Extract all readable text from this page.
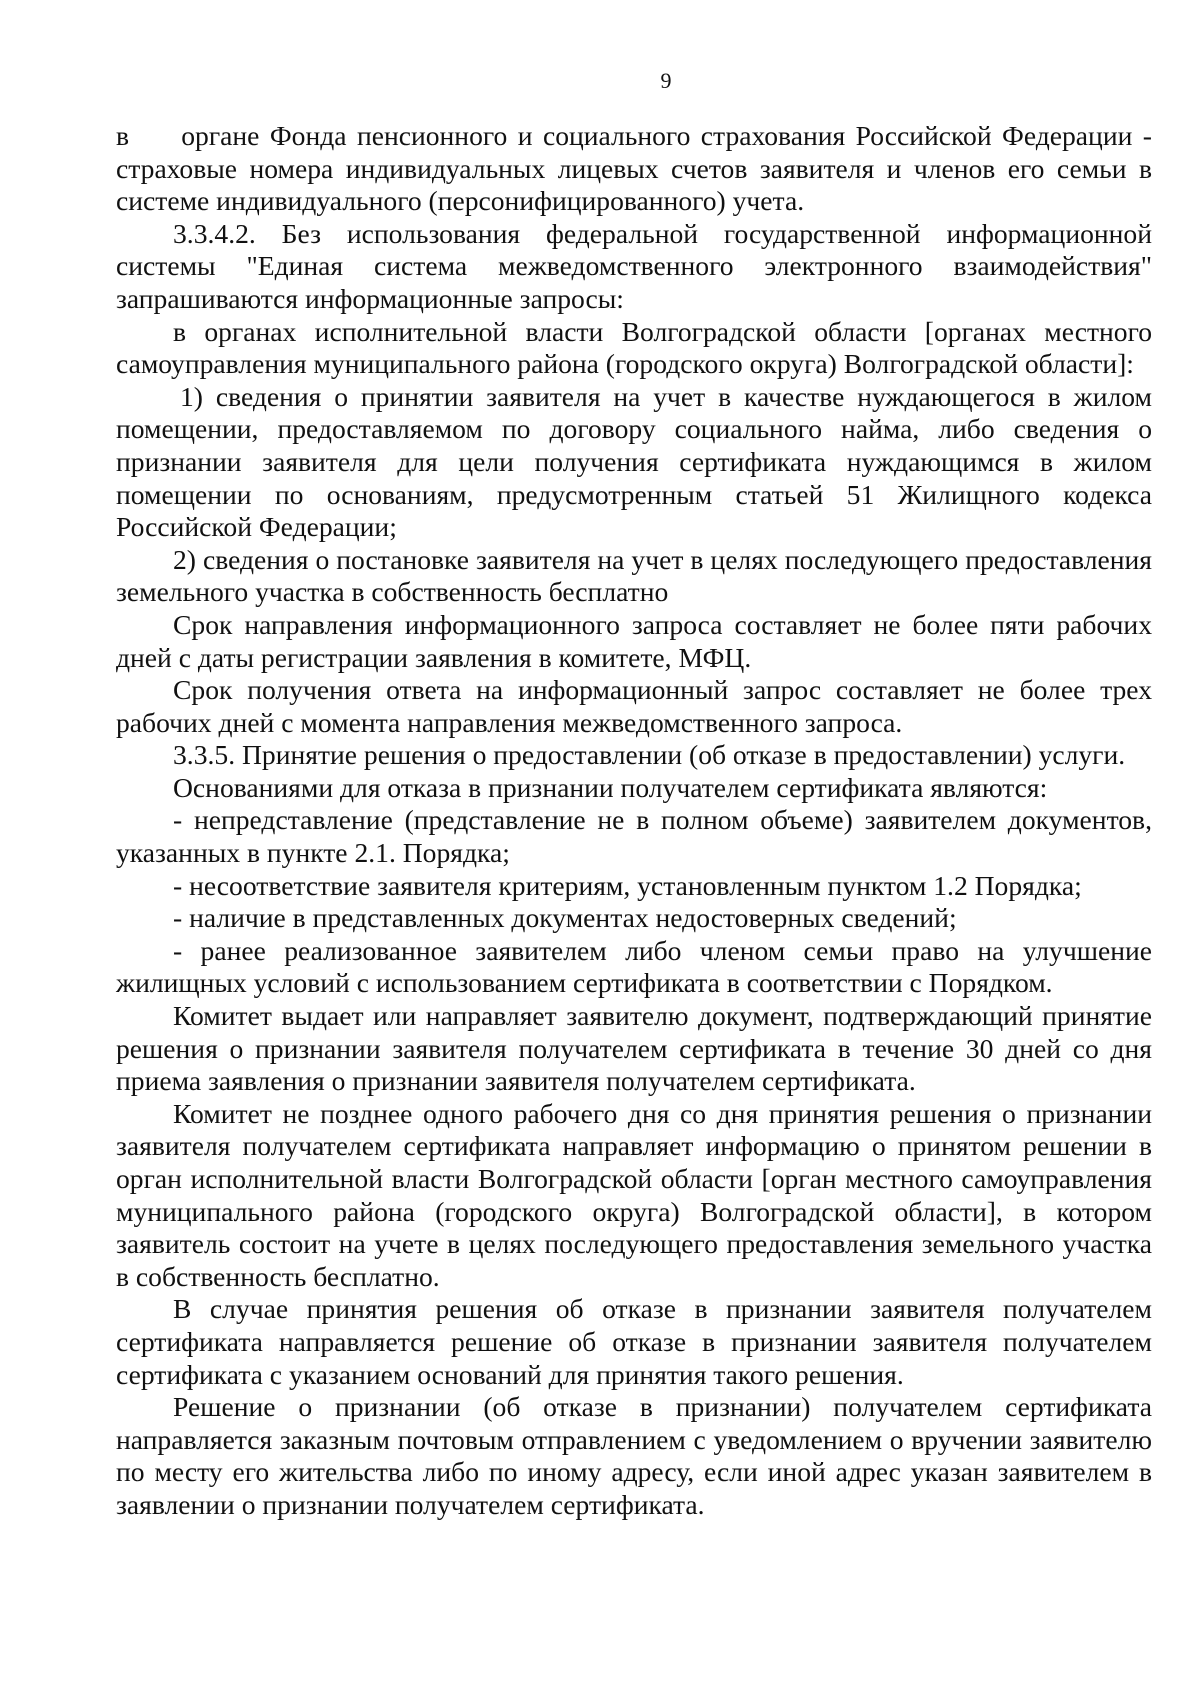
9

в     органе Фонда пенсионного и социального страхования Российской Федерации - страховые номера индивидуальных лицевых счетов заявителя и членов его семьи в системе индивидуального (персонифицированного) учета.

3.3.4.2. Без использования федеральной государственной информационной системы "Единая система межведомственного электронного взаимодействия" запрашиваются информационные запросы:

в органах исполнительной власти Волгоградской области [органах местного самоуправления муниципального района (городского округа) Волгоградской области]:

1) сведения о принятии заявителя на учет в качестве нуждающегося в жилом помещении, предоставляемом по договору социального найма, либо сведения о признании заявителя для цели получения сертификата нуждающимся в жилом помещении по основаниям, предусмотренным статьей 51 Жилищного кодекса Российской Федерации;

2) сведения о постановке заявителя на учет в целях последующего предоставления земельного участка в собственность бесплатно

Срок направления информационного запроса составляет не более пяти рабочих дней с даты регистрации заявления в комитете, МФЦ.

Срок получения ответа на информационный запрос составляет не более трех рабочих дней с момента направления межведомственного запроса.

3.3.5. Принятие решения о предоставлении (об отказе в предоставлении) услуги.

Основаниями для отказа в признании получателем сертификата являются:

- непредставление (представление не в полном объеме) заявителем документов, указанных в пункте 2.1. Порядка;

- несоответствие заявителя критериям, установленным пунктом 1.2 Порядка;

- наличие в представленных документах недостоверных сведений;

- ранее реализованное заявителем либо членом семьи право на улучшение жилищных условий с использованием сертификата в соответствии с Порядком.

Комитет выдает или направляет заявителю документ, подтверждающий принятие решения о признании заявителя получателем сертификата в течение 30 дней со дня приема заявления о признании заявителя получателем сертификата.

Комитет не позднее одного рабочего дня со дня принятия решения о признании заявителя получателем сертификата направляет информацию о принятом решении в орган исполнительной власти Волгоградской области [орган местного самоуправления муниципального района (городского округа) Волгоградской области], в котором заявитель состоит на учете в целях последующего предоставления земельного участка в собственность бесплатно.

В случае принятия решения об отказе в признании заявителя получателем сертификата направляется решение об отказе в признании заявителя получателем сертификата с указанием оснований для принятия такого решения.

Решение о признании (об отказе в признании) получателем сертификата направляется заказным почтовым отправлением с уведомлением о вручении заявителю по месту его жительства либо по иному адресу, если иной адрес указан заявителем в заявлении о признании получателем сертификата.
